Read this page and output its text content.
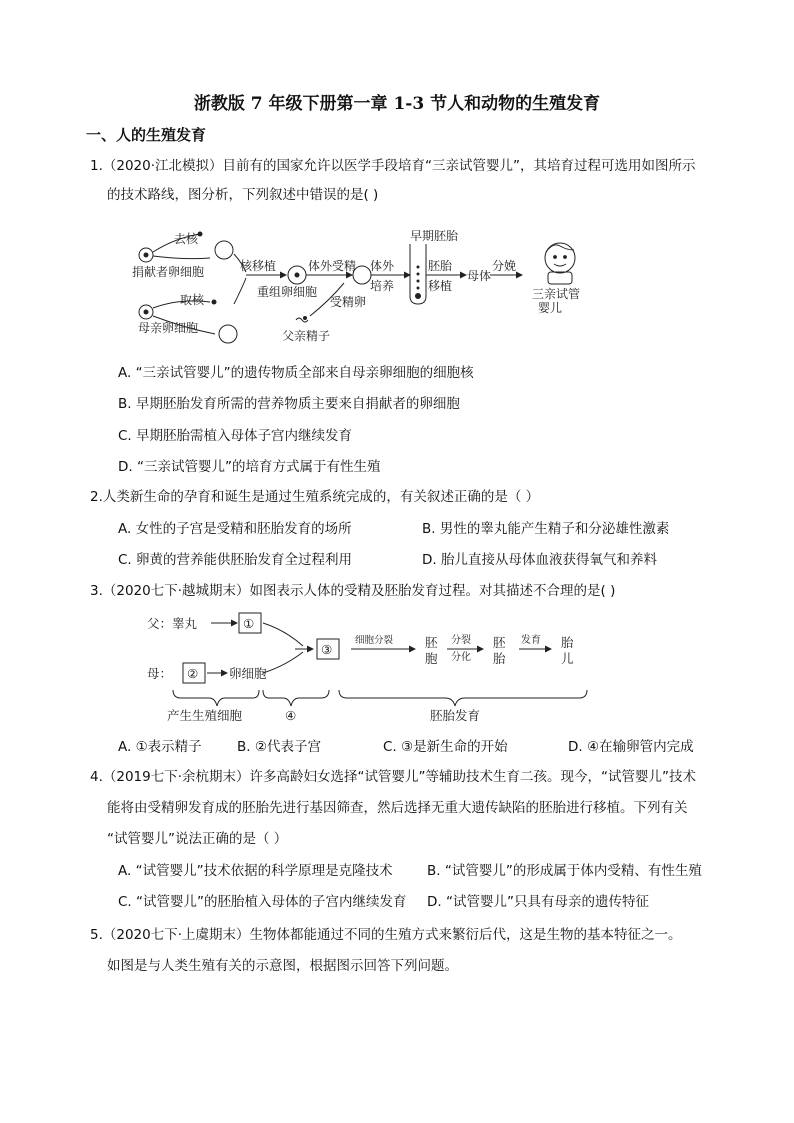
浙教版 7 年级下册第一章 1-3 节人和动物的生殖发育
一、人的生殖发育
1.（2020·江北模拟）目前有的国家允许以医学手段培育“三亲试管婴儿”，其培育过程可选用如图所示
的技术路线，图分析，下列叙述中错误的是( )
去核
捐献者卵细胞	核移植	体外受精
重组卵细胞
受精卵
体外
培养
早期胚胎
胚胎
移植
母体
分娩
三亲试管
婴儿
取核
母亲卵细胞
父亲精子
A. “三亲试管婴儿”的遗传物质全部来自母亲卵细胞的细胞核
B. 早期胚胎发育所需的营养物质主要来自捐献者的卵细胞
C. 早期胚胎需植入母体子宫内继续发育
D. “三亲试管婴儿”的培育方式属于有性生殖
2.人类新生命的孕育和诞生是通过生殖系统完成的，有关叙述正确的是（ ）
A. 女性的子宫是受精和胚胎发育的场所	B. 男性的睾丸能产生精子和分泌雄性激素
C. 卵黄的营养能供胚胎发育全过程利用	D. 胎儿直接从母体血液获得氧气和养料
3.（2020七下·越城期末）如图表示人体的受精及胚胎发育过程。对其描述不合理的是( )
父：睾丸	①
母： ② 卵细胞
③
细胞分裂	胚
胞
分裂
分化
胚
胎
发育 胎
儿
产生生殖细胞	④	胚胎发育
A. ①表示精子	B. ②代表子宫	C. ③是新生命的开始	D. ④在输卵管内完成
4.（2019七下·余杭期末）许多高龄妇女选择“试管婴儿”等辅助技术生育二孩。现今，“试管婴儿”技术
能将由受精卵发育成的胚胎先进行基因筛查，然后选择无重大遗传缺陷的胚胎进行移植。下列有关
“试管婴儿”说法正确的是（ ）
A. “试管婴儿”技术依据的科学原理是克隆技术	B. “试管婴儿”的形成属于体内受精、有性生殖
C. “试管婴儿”的胚胎植入母体的子宫内继续发育 D. “试管婴儿”只具有母亲的遗传特征
5.（2020七下·上虞期末）生物体都能通过不同的生殖方式来繁衍后代，这是生物的基本特征之一。
如图是与人类生殖有关的示意图，根据图示回答下列问题。
